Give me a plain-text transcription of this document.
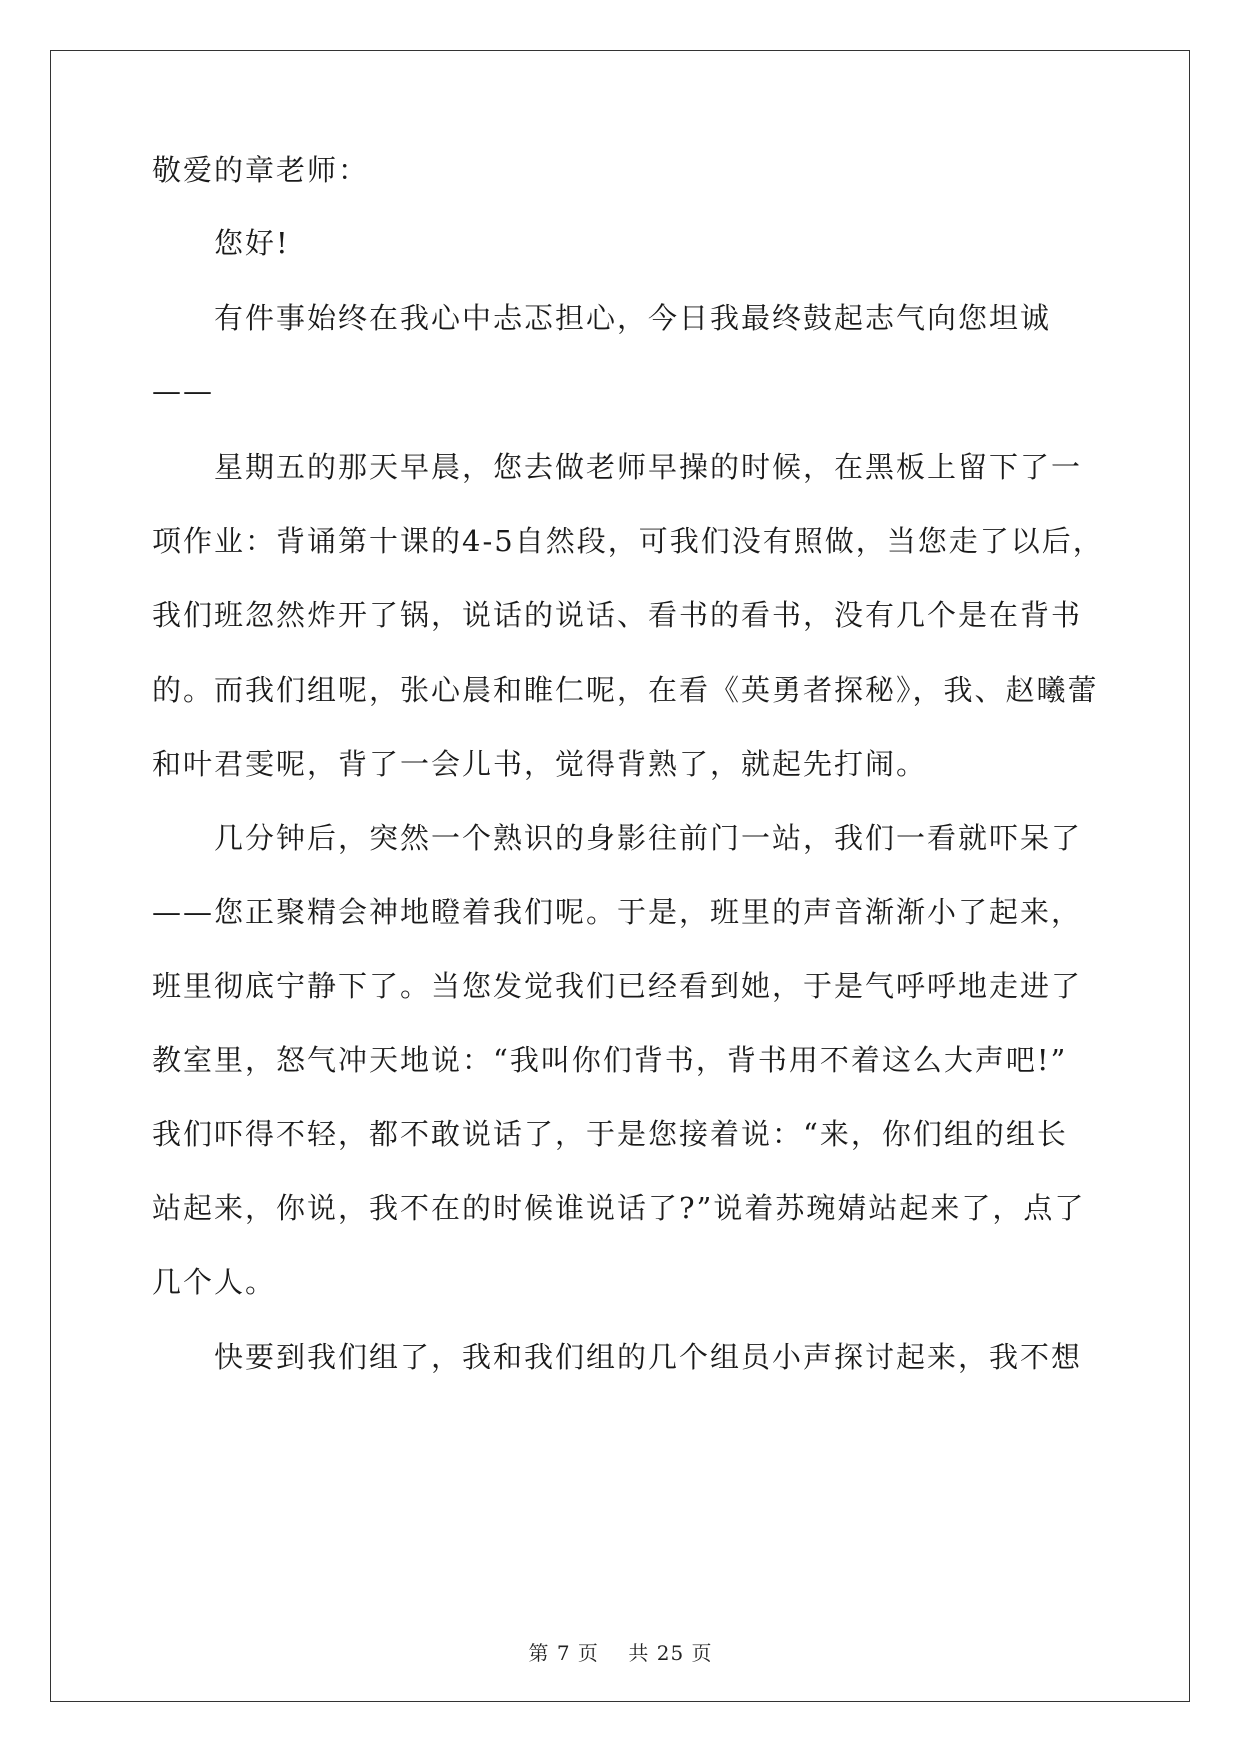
敬爱的章老师：
　　您好!
　　有件事始终在我心中忐忑担心，今日我最终鼓起志气向您坦诚
——
　　星期五的那天早晨，您去做老师早操的时候，在黑板上留下了一
项作业：背诵第十课的4-5自然段，可我们没有照做，当您走了以后，
我们班忽然炸开了锅，说话的说话、看书的看书，没有几个是在背书
的。而我们组呢，张心晨和睢仁呢，在看《英勇者探秘》，我、赵曦蕾
和叶君雯呢，背了一会儿书，觉得背熟了，就起先打闹。
　　几分钟后，突然一个熟识的身影往前门一站，我们一看就吓呆了
——您正聚精会神地瞪着我们呢。于是，班里的声音渐渐小了起来，
班里彻底宁静下了。当您发觉我们已经看到她，于是气呼呼地走进了
教室里，怒气冲天地说：“我叫你们背书，背书用不着这么大声吧!”
我们吓得不轻，都不敢说话了，于是您接着说：“来，你们组的组长
站起来，你说，我不在的时候谁说话了?”说着苏琬婧站起来了，点了
几个人。
　　快要到我们组了，我和我们组的几个组员小声探讨起来，我不想
第 7 页 共 25 页
